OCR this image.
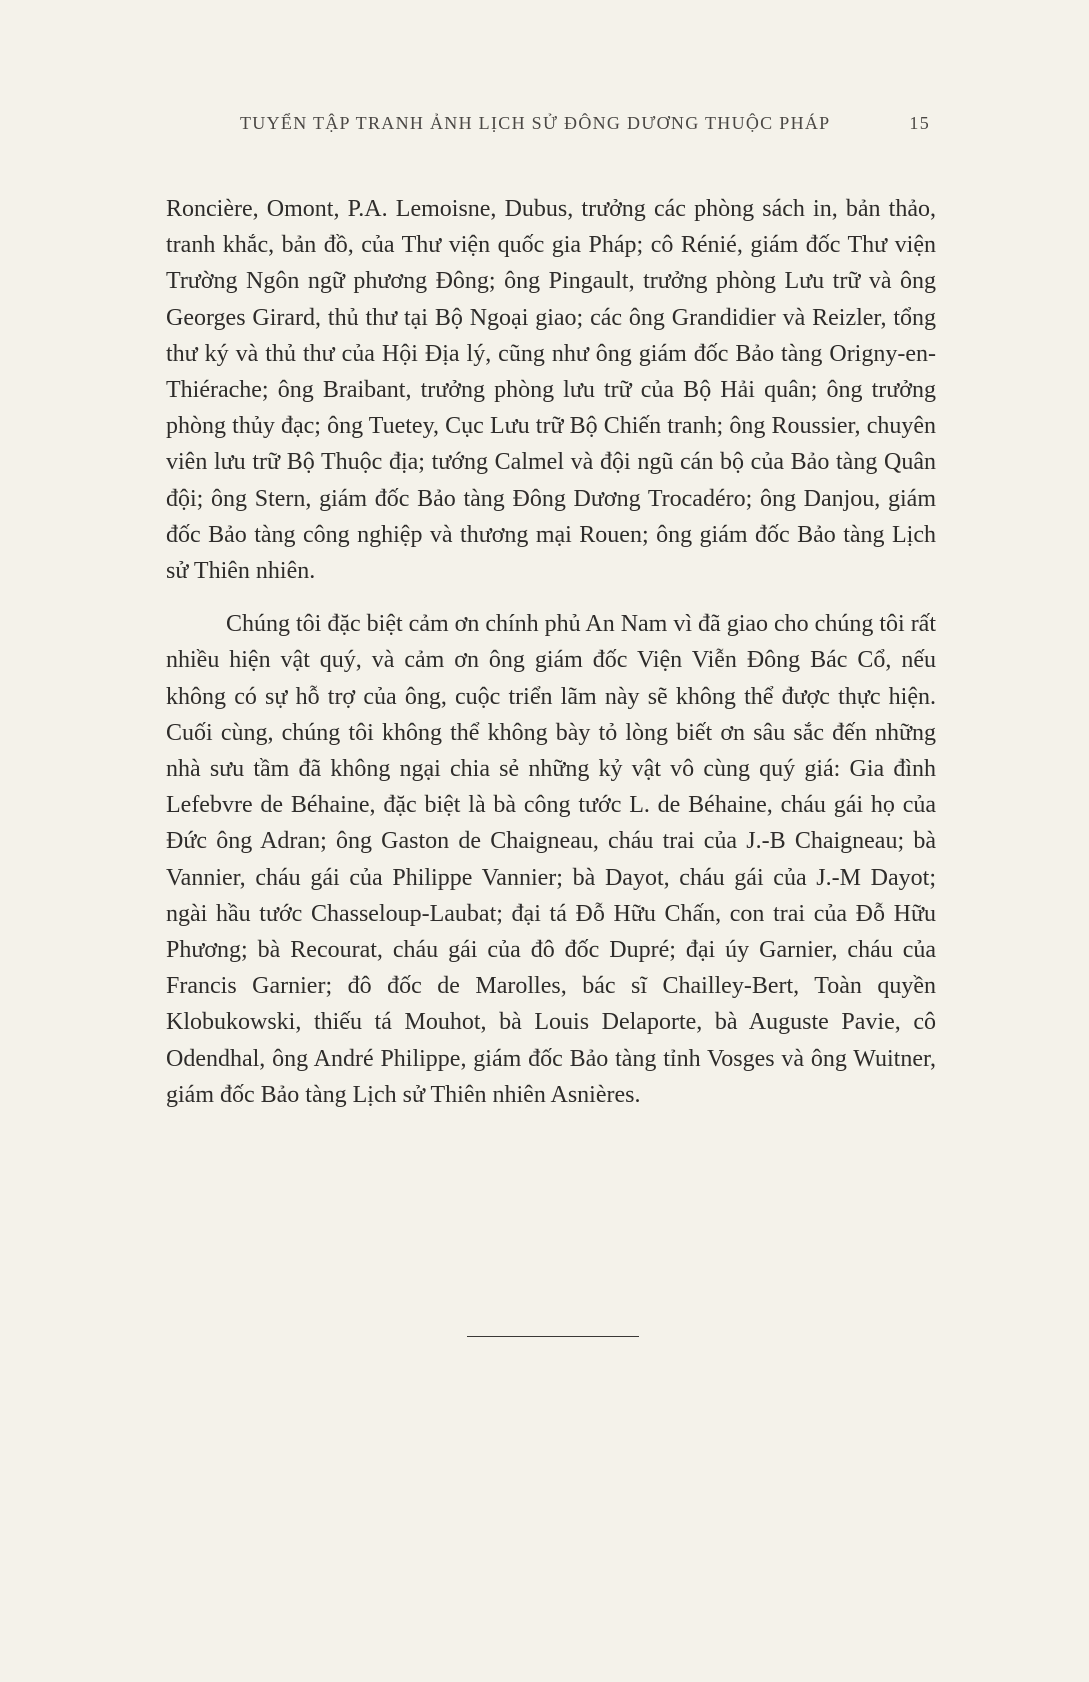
TUYỂN TẬP TRANH ẢNH LỊCH SỬ ĐÔNG DƯƠNG THUỘC PHÁP	15

Roncière, Omont, P.A. Lemoisne, Dubus, trưởng các phòng sách in, bản thảo, tranh khắc, bản đồ, của Thư viện quốc gia Pháp; cô Rénié, giám đốc Thư viện Trường Ngôn ngữ phương Đông; ông Pingault, trưởng phòng Lưu trữ và ông Georges Girard, thủ thư tại Bộ Ngoại giao; các ông Grandidier và Reizler, tổng thư ký và thủ thư của Hội Địa lý, cũng như ông giám đốc Bảo tàng Origny-en-Thiérache; ông Braibant, trưởng phòng lưu trữ của Bộ Hải quân; ông trưởng phòng thủy đạc; ông Tuetey, Cục Lưu trữ Bộ Chiến tranh; ông Roussier, chuyên viên lưu trữ Bộ Thuộc địa; tướng Calmel và đội ngũ cán bộ của Bảo tàng Quân đội; ông Stern, giám đốc Bảo tàng Đông Dương Trocadéro; ông Danjou, giám đốc Bảo tàng công nghiệp và thương mại Rouen; ông giám đốc Bảo tàng Lịch sử Thiên nhiên.

Chúng tôi đặc biệt cảm ơn chính phủ An Nam vì đã giao cho chúng tôi rất nhiều hiện vật quý, và cảm ơn ông giám đốc Viện Viễn Đông Bác Cổ, nếu không có sự hỗ trợ của ông, cuộc triển lãm này sẽ không thể được thực hiện. Cuối cùng, chúng tôi không thể không bày tỏ lòng biết ơn sâu sắc đến những nhà sưu tầm đã không ngại chia sẻ những kỷ vật vô cùng quý giá: Gia đình Lefebvre de Béhaine, đặc biệt là bà công tước L. de Béhaine, cháu gái họ của Đức ông Adran; ông Gaston de Chaigneau, cháu trai của J.-B Chaigneau; bà Vannier, cháu gái của Philippe Vannier; bà Dayot, cháu gái của J.-M Dayot; ngài hầu tước Chasseloup-Laubat; đại tá Đỗ Hữu Chấn, con trai của Đỗ Hữu Phương; bà Recourat, cháu gái của đô đốc Dupré; đại úy Garnier, cháu của Francis Garnier; đô đốc de Marolles, bác sĩ Chailley-Bert, Toàn quyền Klobukowski, thiếu tá Mouhot, bà Louis Delaporte, bà Auguste Pavie, cô Odendhal, ông André Philippe, giám đốc Bảo tàng tỉnh Vosges và ông Wuitner, giám đốc Bảo tàng Lịch sử Thiên nhiên Asnières.
